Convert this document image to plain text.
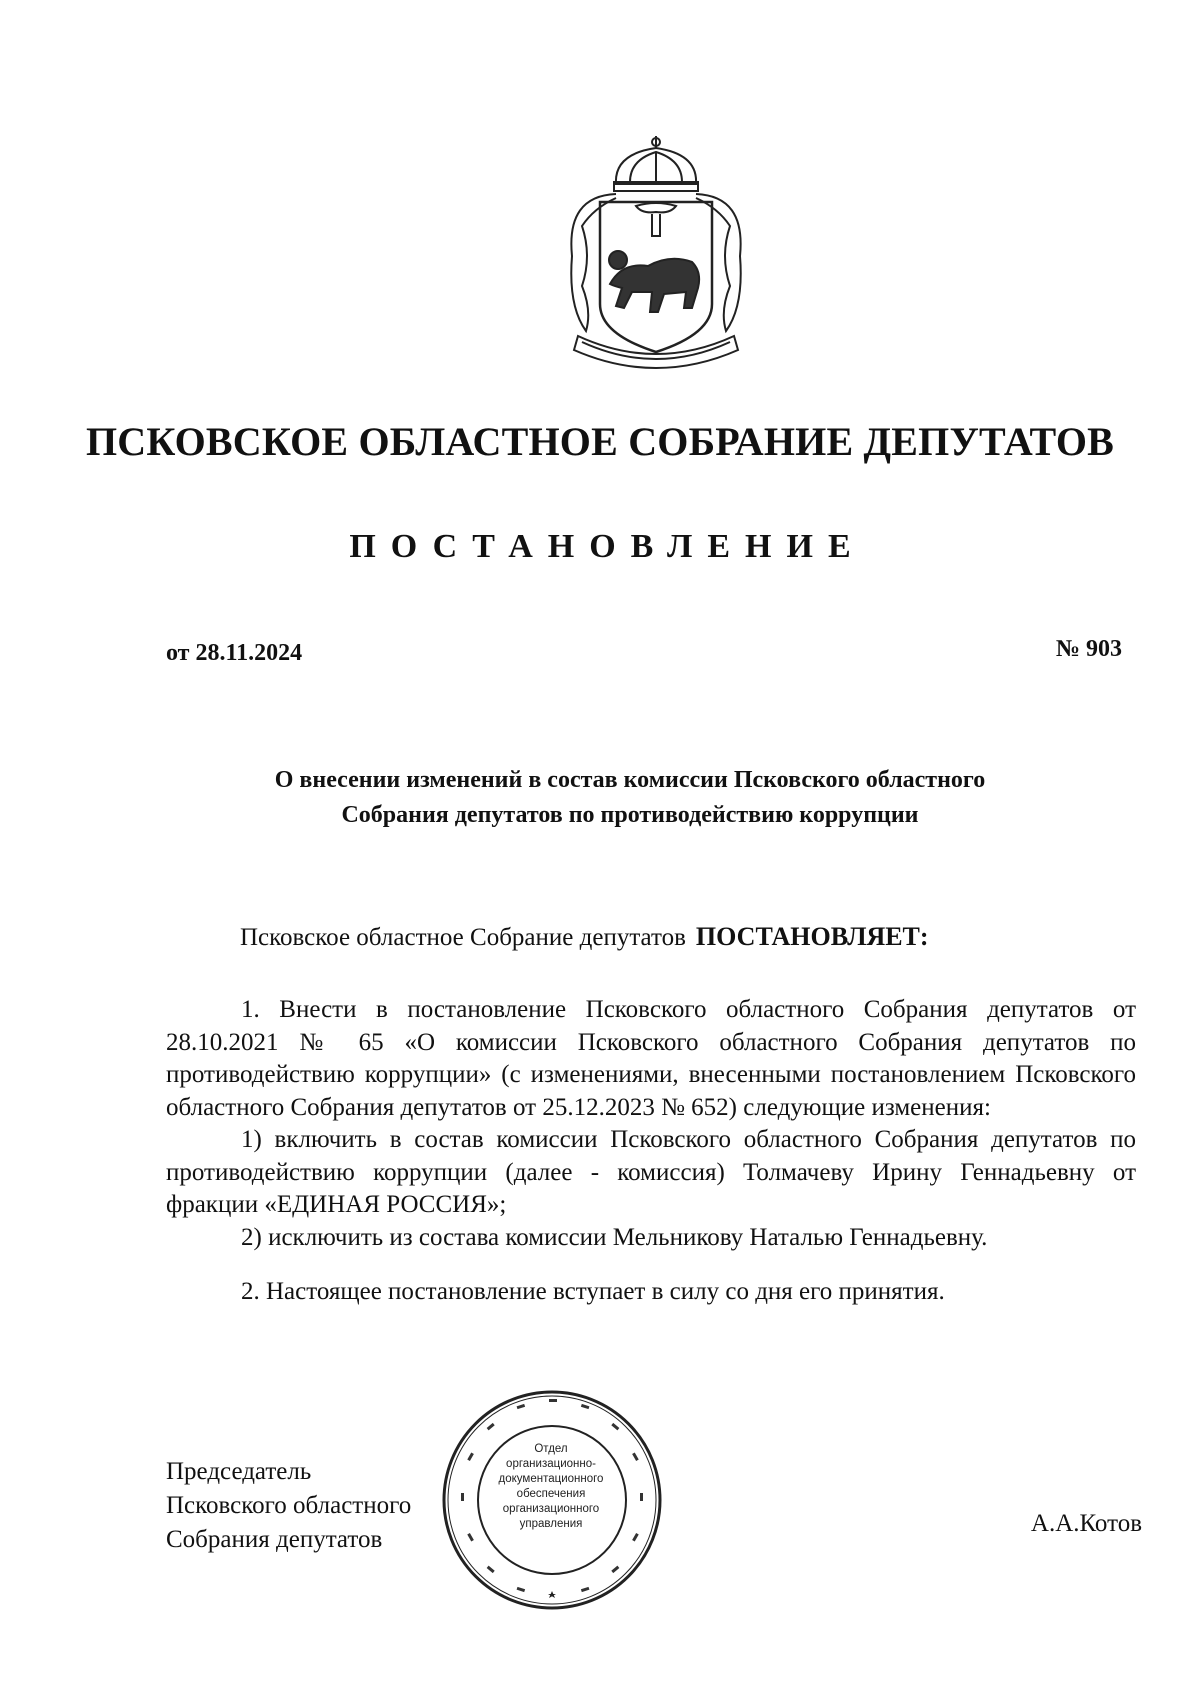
ПСКОВСКОЕ ОБЛАСТНОЕ СОБРАНИЕ ДЕПУТАТОВ
ПОСТАНОВЛЕНИЕ
от 28.11.2024	№ 903
О внесении изменений в состав комиссии Псковского областного
Собрания депутатов по противодействию коррупции
Псковское областное Собрание депутатов ПОСТАНОВЛЯЕТ:

1. Внести в постановление Псковского областного Собрания депутатов от 28.10.2021 № 65 «О комиссии Псковского областного Собрания депутатов по противодействию коррупции» (с изменениями, внесенными постановлением Псковского областного Собрания депутатов от 25.12.2023 № 652) следующие изменения:

1) включить в состав комиссии Псковского областного Собрания депутатов по противодействию коррупции (далее - комиссия) Толмачеву Ирину Геннадьевну от фракции «ЕДИНАЯ РОССИЯ»;

2) исключить из состава комиссии Мельникову Наталью Геннадьевну.

2. Настоящее постановление вступает в силу со дня его принятия.

Председатель
Псковского областного
Собрания депутатов
А.А.Котов
Отдел
организационно-
документационного
обеспечения
организационного
управления
